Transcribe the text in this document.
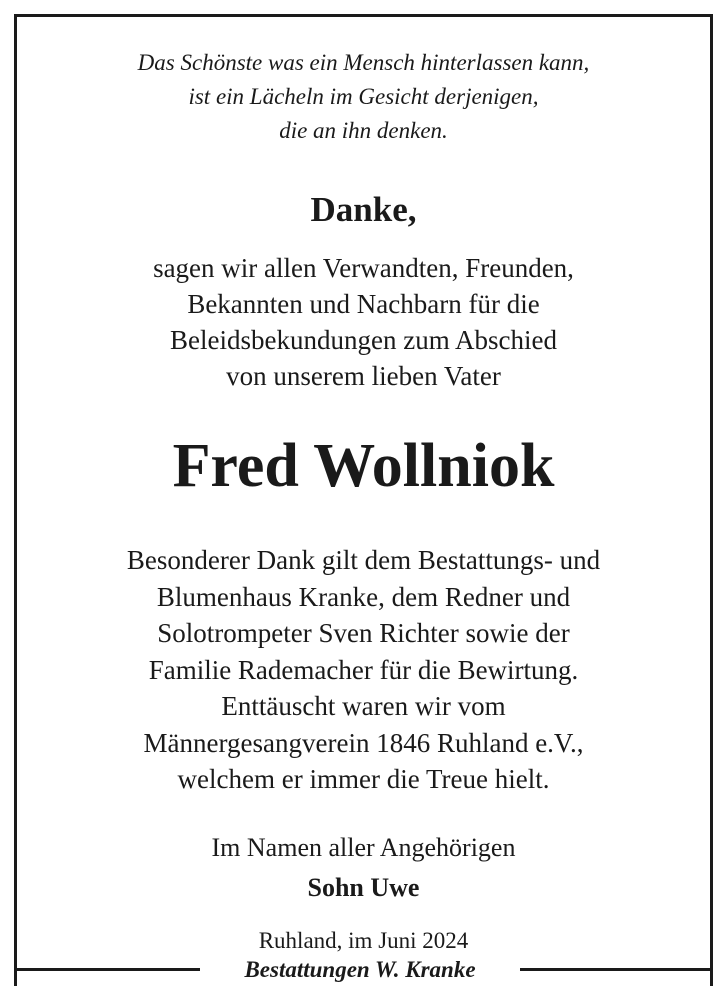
Das Schönste was ein Mensch hinterlassen kann,
ist ein Lächeln im Gesicht derjenigen,
die an ihn denken.
Danke,
sagen wir allen Verwandten, Freunden,
Bekannten und Nachbarn für die
Beleidsbekundungen zum Abschied
von unserem lieben Vater
Fred Wollniok
Besonderer Dank gilt dem Bestattungs- und
Blumenhaus Kranke, dem Redner und
Solotrompeter Sven Richter sowie der
Familie Rademacher für die Bewirtung.
Enttäuscht waren wir vom
Männergesangverein 1846 Ruhland e.V.,
welchem er immer die Treue hielt.
Im Namen aller Angehörigen
Sohn Uwe
Ruhland, im Juni 2024
Bestattungen W. Kranke
